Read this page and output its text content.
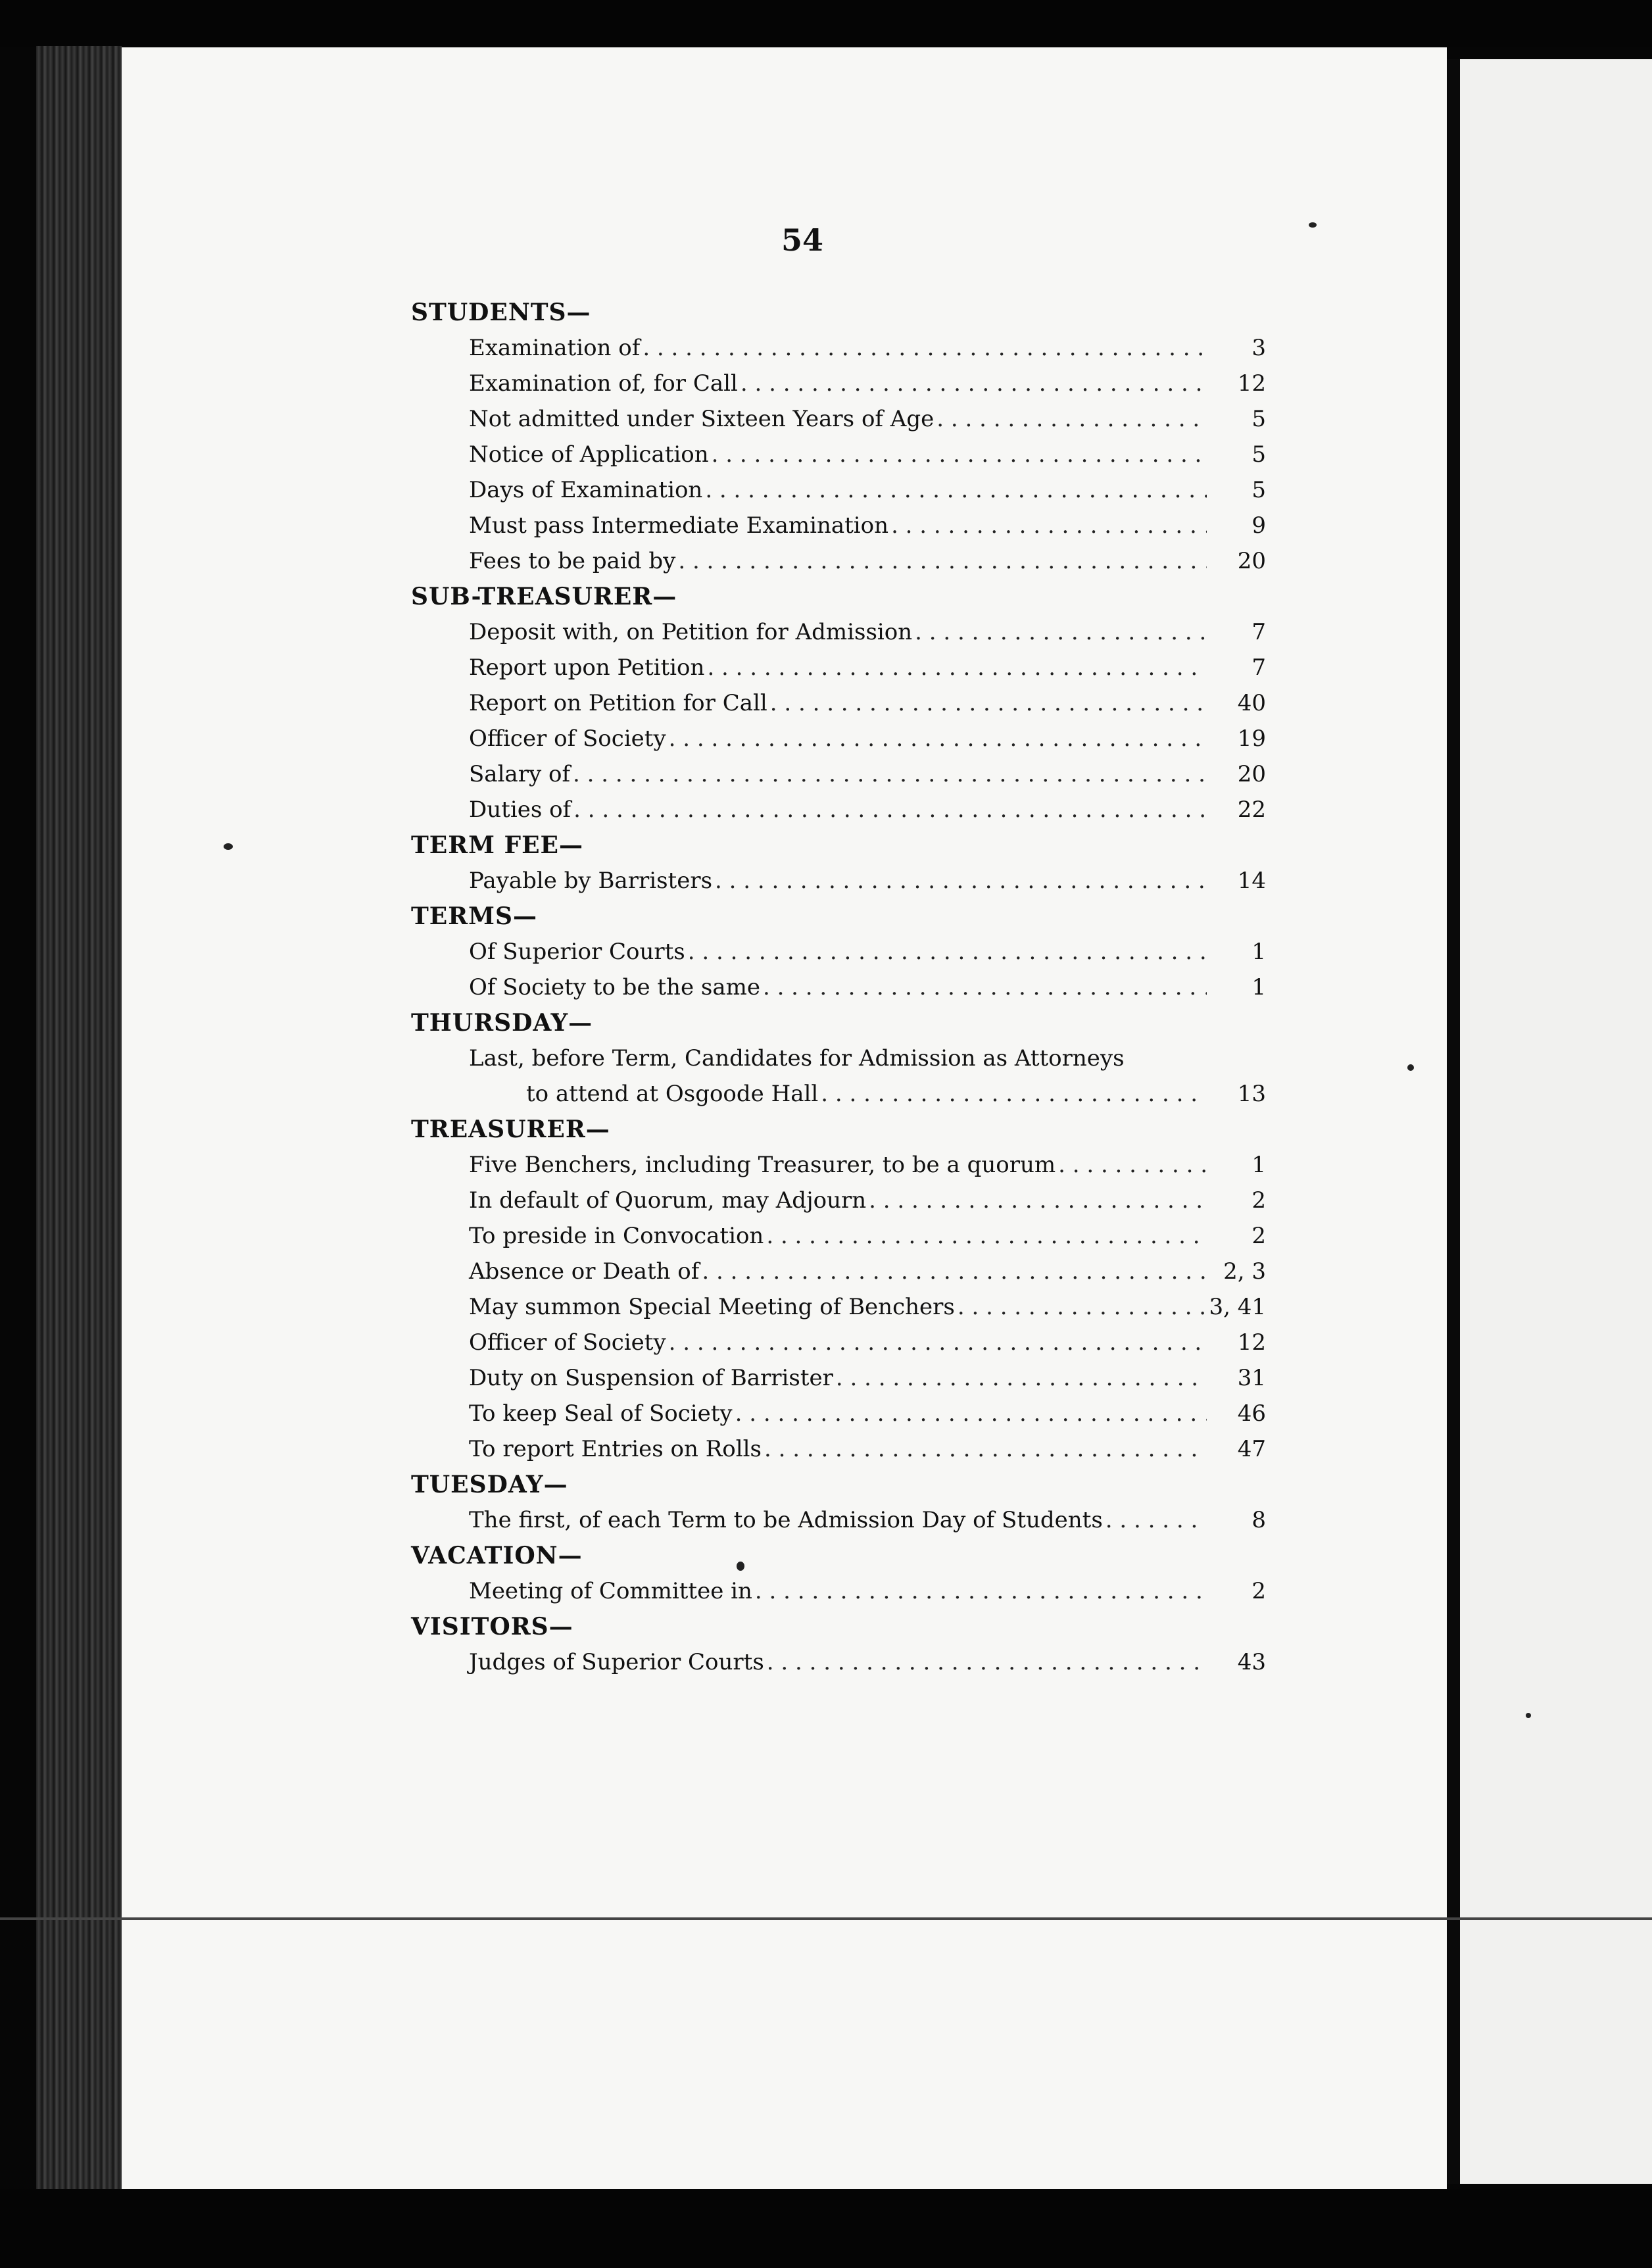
54
STUDENTS—
Examination of . . .	3
Examination of, for Call . . .	12
Not admitted under Sixteen Years of Age . . .	5
Notice of Application . . .	5
Days of Examination . . .	5
Must pass Intermediate Examination . . .	9
Fees to be paid by . . .	20
SUB-TREASURER—
Deposit with, on Petition for Admission . . .	7
Report upon Petition . . .	7
Report on Petition for Call . . .	40
Officer of Society . . .	19
Salary of . . .	20
Duties of . . .	22
TERM FEE—
Payable by Barristers . . .	14
TERMS—
Of Superior Courts . . .	1
Of Society to be the same . . .	1
THURSDAY—
Last, before Term, Candidates for Admission as Attorneys
to attend at Osgoode Hall . . .	13
TREASURER—
Five Benchers, including Treasurer, to be a quorum . . .	1
In default of Quorum, may Adjourn . . .	2
To preside in Convocation . . .	2
Absence or Death of . . .	2, 3
May summon Special Meeting of Benchers . . .	3, 41
Officer of Society . . .	12
Duty on Suspension of Barrister . . .	31
To keep Seal of Society . . .	46
To report Entries on Rolls . . .	47
TUESDAY—
The first, of each Term to be Admission Day of Students . . .	8
VACATION—
Meeting of Committee in . . .	2
VISITORS—
Judges of Superior Courts . . .	43
